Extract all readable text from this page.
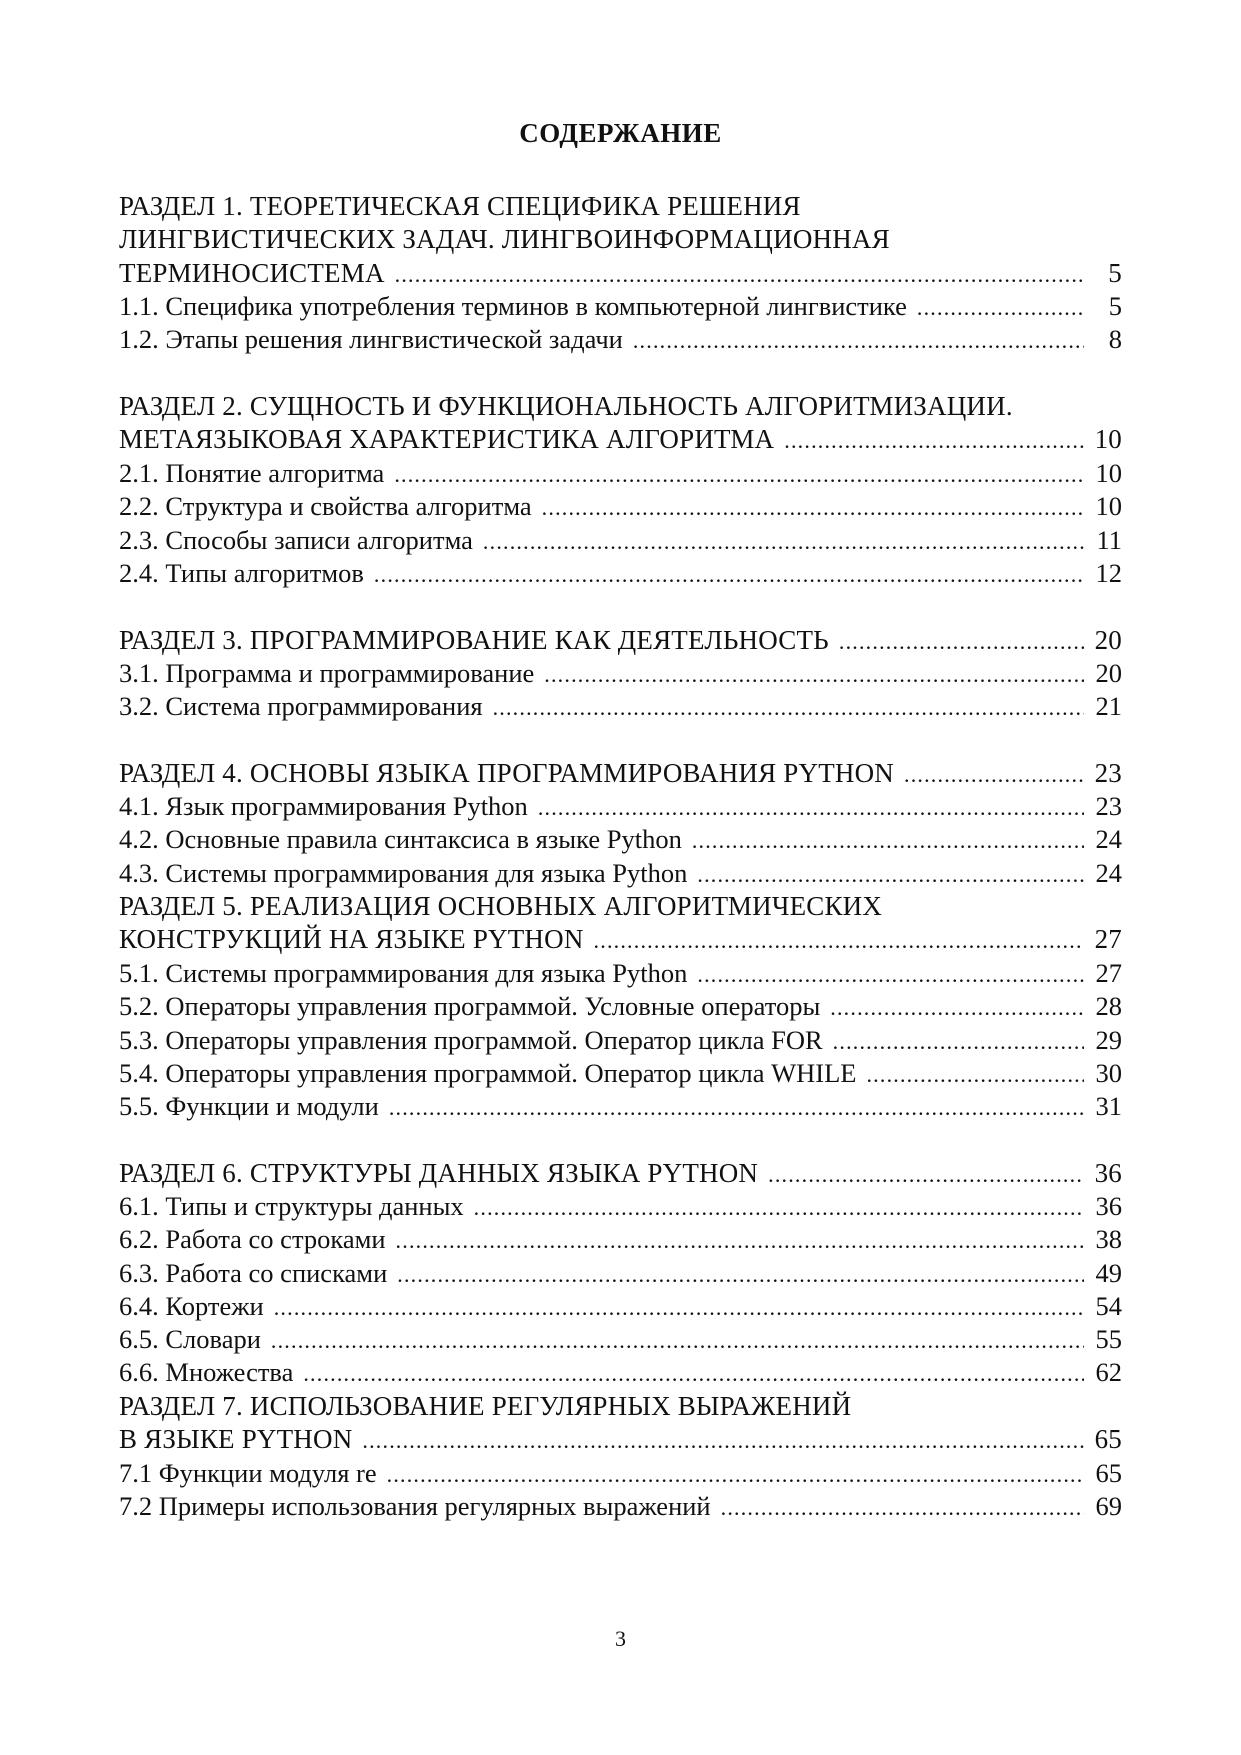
СОДЕРЖАНИЕ
РАЗДЕЛ 1. ТЕОРЕТИЧЕСКАЯ СПЕЦИФИКА РЕШЕНИЯ
ЛИНГВИСТИЧЕСКИХ ЗАДАЧ. ЛИНГВОИНФОРМАЦИОННАЯ
ТЕРМИНОСИСТЕМА .....	5
1.1. Специфика употребления терминов в компьютерной лингвистике .....	5
1.2. Этапы решения лингвистической задачи .....	8
РАЗДЕЛ 2. СУЩНОСТЬ И ФУНКЦИОНАЛЬНОСТЬ АЛГОРИТМИЗАЦИИ.
МЕТАЯЗЫКОВАЯ ХАРАКТЕРИСТИКА АЛГОРИТМА .....	10
2.1. Понятие алгоритма .....	10
2.2. Структура и свойства алгоритма .....	10
2.3. Способы записи алгоритма .....	11
2.4. Типы алгоритмов .....	12
РАЗДЕЛ 3. ПРОГРАММИРОВАНИЕ КАК ДЕЯТЕЛЬНОСТЬ .....	20
3.1. Программа и программирование .....	20
3.2. Система программирования .....	21
РАЗДЕЛ 4. ОСНОВЫ ЯЗЫКА ПРОГРАММИРОВАНИЯ PYTHON .....	23
4.1. Язык программирования Python .....	23
4.2. Основные правила синтаксиса в языке Python .....	24
4.3. Системы программирования для языка Python .....	24
РАЗДЕЛ 5. РЕАЛИЗАЦИЯ ОСНОВНЫХ АЛГОРИТМИЧЕСКИХ
КОНСТРУКЦИЙ НА ЯЗЫКЕ PYTHON .....	27
5.1. Системы программирования для языка Python .....	27
5.2. Операторы управления программой. Условные операторы .....	28
5.3. Операторы управления программой. Оператор цикла FOR .....	29
5.4. Операторы управления программой. Оператор цикла WHILE .....	30
5.5. Функции и модули .....	31
РАЗДЕЛ 6. СТРУКТУРЫ ДАННЫХ ЯЗЫКА PYTHON .....	36
6.1. Типы и структуры данных .....	36
6.2. Работа со строками .....	38
6.3. Работа со списками .....	49
6.4. Кортежи .....	54
6.5. Словари .....	55
6.6. Множества .....	62
РАЗДЕЛ 7. ИСПОЛЬЗОВАНИЕ РЕГУЛЯРНЫХ ВЫРАЖЕНИЙ
В ЯЗЫКЕ PYTHON .....	65
7.1 Функции модуля re .....	65
7.2 Примеры использования регулярных выражений .....	69
3
